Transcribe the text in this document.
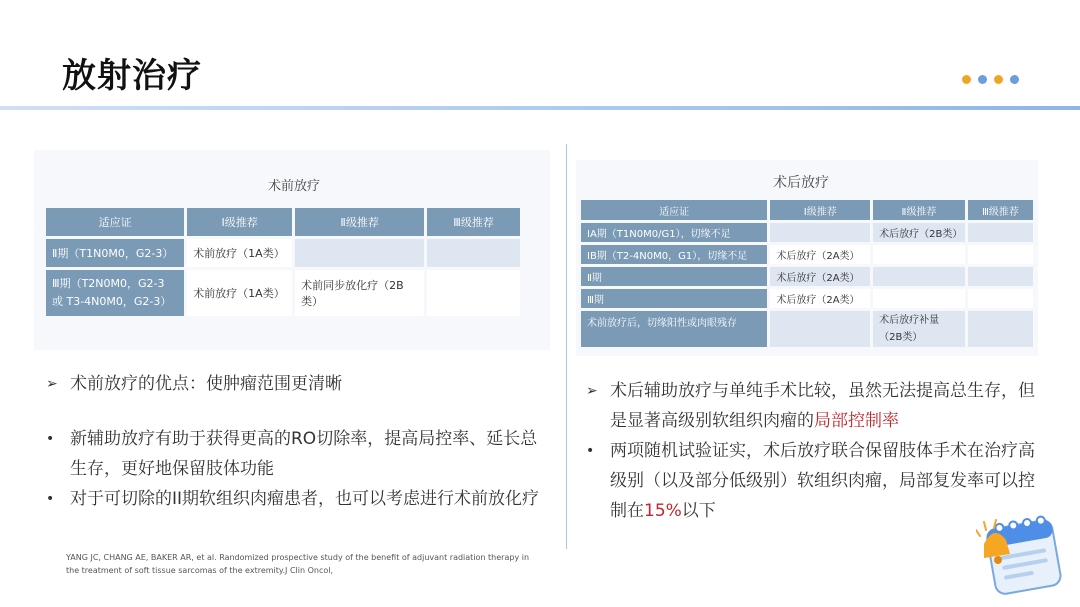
放射治疗
术前放疗
适应证	Ⅰ级推荐	Ⅱ级推荐	Ⅲ级推荐
Ⅱ期（T1N0M0，G2-3）	术前放疗（1A类）		
Ⅲ期（T2N0M0，G2-3 或 T3-4N0M0，G2-3）	术前放疗（1A类）	术前同步放化疗（2B类）	
术后放疗
适应证	Ⅰ级推荐	Ⅱ级推荐	Ⅲ级推荐
ⅠA期（T1N0M0/G1），切缘不足		术后放疗（2B类）	
ⅠB期（T2-4N0M0，G1），切缘不足	术后放疗（2A类）		
Ⅱ期	术后放疗（2A类）		
Ⅲ期	术后放疗（2A类）		
术前放疗后，切缘阳性或肉眼残存		术后放疗补量（2B类）	
➢ 术前放疗的优点：使肿瘤范围更清晰
• 新辅助放疗有助于获得更高的RO切除率，提高局控率、延长总生存，更好地保留肢体功能
• 对于可切除的II期软组织肉瘤患者，也可以考虑进行术前放化疗
➢ 术后辅助放疗与单纯手术比较，虽然无法提高总生存，但是显著高级别软组织肉瘤的局部控制率
• 两项随机试验证实，术后放疗联合保留肢体手术在治疗高级别（以及部分低级别）软组织肉瘤，局部复发率可以控制在15%以下
YANG JC, CHANG AE, BAKER AR, et al. Randomized prospective study of the benefit of adjuvant radiation therapy in
the treatment of soft tissue sarcomas of the extremity.J Clin Oncol,
